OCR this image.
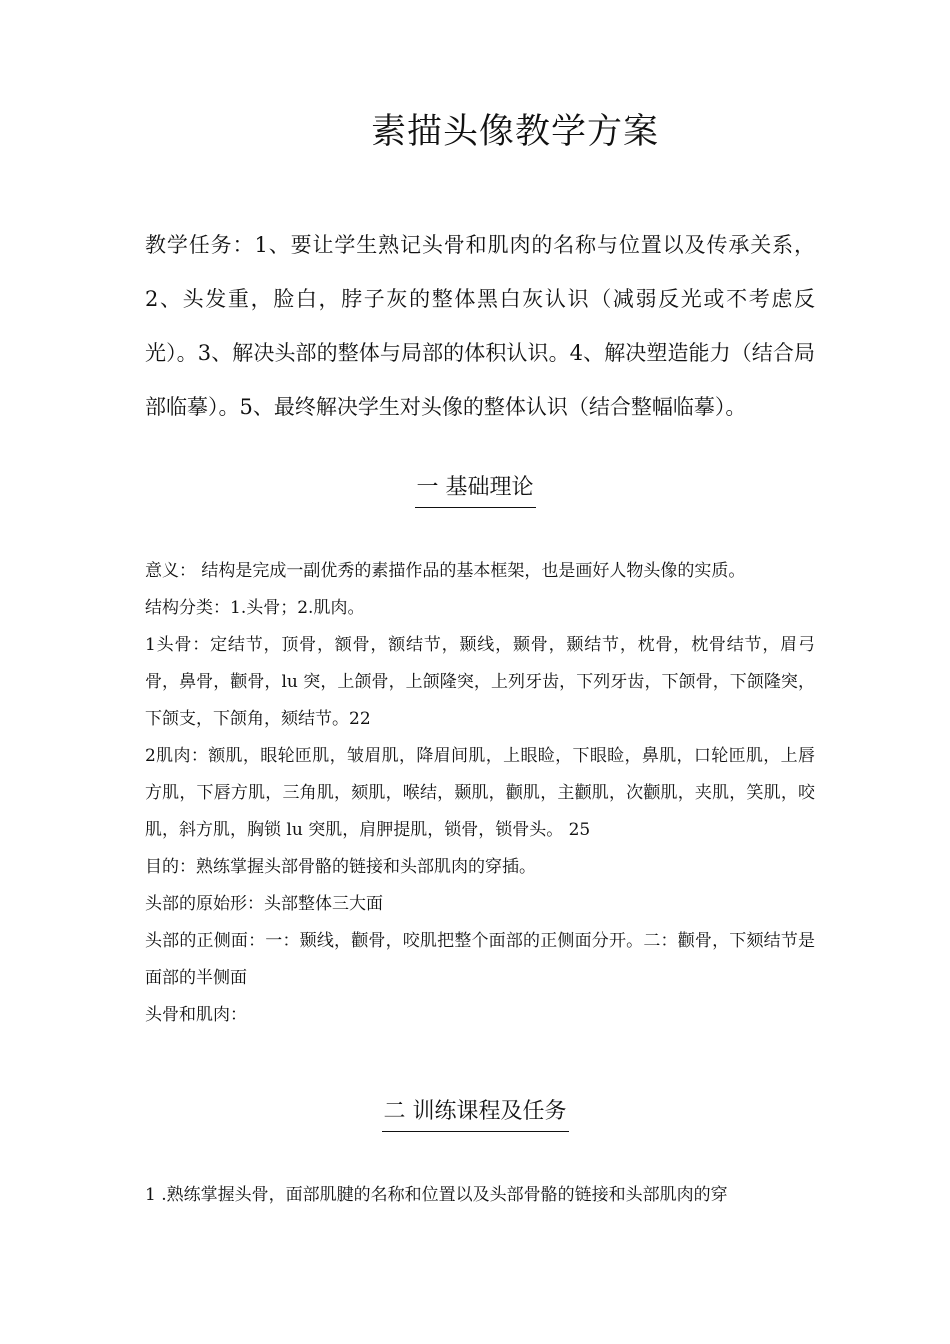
素描头像教学方案
教学任务：1、要让学生熟记头骨和肌肉的名称与位置以及传承关系，2、头发重，脸白，脖子灰的整体黑白灰认识（减弱反光或不考虑反光）。3、解决头部的整体与局部的体积认识。4、解决塑造能力（结合局部临摹）。5、最终解决学生对头像的整体认识（结合整幅临摹）。
一 基础理论

意义： 结构是完成一副优秀的素描作品的基本框架，也是画好人物头像的实质。

结构分类：1.头骨；2.肌肉。

1头骨：定结节，顶骨，额骨，额结节，颞线，颞骨，颞结节，枕骨，枕骨结节，眉弓骨，鼻骨，颧骨，lu 突，上颌骨，上颌隆突，上列牙齿，下列牙齿，下颌骨，下颌隆突，下颌支，下颌角，颏结节。22

2肌肉：额肌，眼轮匝肌，皱眉肌，降眉间肌，上眼睑，下眼睑，鼻肌，口轮匝肌，上唇方肌，下唇方肌，三角肌，颏肌，喉结，颞肌，颧肌，主颧肌，次颧肌，夹肌，笑肌，咬肌，斜方肌，胸锁 lu 突肌，肩胛提肌，锁骨，锁骨头。 25

目的：熟练掌握头部骨骼的链接和头部肌肉的穿插。

头部的原始形：头部整体三大面

头部的正侧面：一：颞线，颧骨，咬肌把整个面部的正侧面分开。二：颧骨，下颏结节是面部的半侧面

头骨和肌肉：

二 训练课程及任务
1 .熟练掌握头骨，面部肌腱的名称和位置以及头部骨骼的链接和头部肌肉的穿
